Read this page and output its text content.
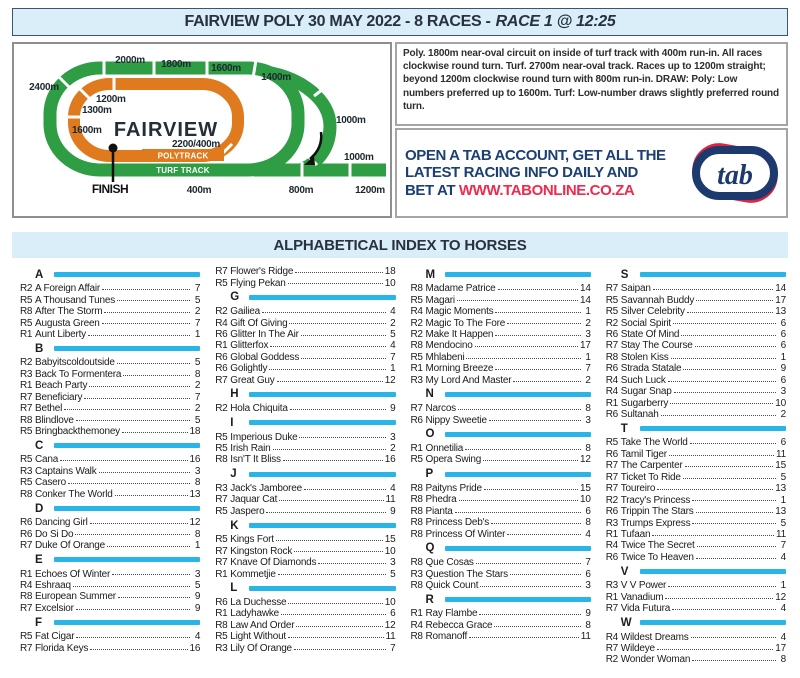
FAIRVIEW POLY 30 MAY 2022 - 8 RACES - RACE 1 @ 12:25
POLYTRACK
TURF TRACK
FINISH
FAIRVIEW
2200/400m
2400m
2000m 1800m 1600m
1400m
1000m
1000m
400m	800m	1200m
1200m
1300m
1600m
Poly. 1800m near-oval circuit on inside of turf track with 400m run-in. All races clockwise round turn. Turf. 2700m near-oval track. Races up to 1200m straight; beyond 1200m clockwise round turn with 800m run-in. DRAW: Poly: Low numbers preferred up to 1600m. Turf: Low-number draws slightly preferred round turn.
OPEN A TAB ACCOUNT, GET ALL THE
LATEST RACING INFO DAILY AND
BET AT WWW.TABONLINE.CO.ZA	tab
ALPHABETICAL INDEX TO HORSES
A
R2 A Foreign Affair	7
R5 A Thousand Tunes	5
R8 After The Storm	2
R5 Augusta Green	7
R1 Aunt Liberty	1
B
R2 Babyitscoldoutside	5
R3 Back To Formentera	8
R1 Beach Party	2
R7 Beneficiary	7
R7 Bethel	2
R8 Blindlove	5
R5 Bringbackthemoney	18
C
R5 Cana	16
R3 Captains Walk	3
R5 Casero	8
R8 Conker The World	13
D
R6 Dancing Girl	12
R6 Do Si Do	8
R7 Duke Of Orange	1
E
R1 Echoes Of Winter	3
R4 Eshraaq	5
R8 European Summer	9
R7 Excelsior	9
F
R5 Fat Cigar	4
R7 Florida Keys	16
R7 Flower's Ridge	18
R5 Flying Pekan	10
G
R2 Gailiea	4
R4 Gift Of Giving	2
R6 Glitter In The Air	5
R1 Glitterfox	4
R6 Global Goddess	7
R6 Golightly	1
R7 Great Guy	12
H
R2 Hola Chiquita	9
I
R5 Imperious Duke	3
R5 Irish Rain	2
R8 Isn'T It Bliss	16
J
R3 Jack's Jamboree	4
R7 Jaquar Cat	11
R5 Jaspero	9
K
R5 Kings Fort	15
R7 Kingston Rock	10
R7 Knave Of Diamonds	3
R1 Kommetjie	5
L
R6 La Duchesse	10
R1 Ladyhawke	6
R8 Law And Order	12
R5 Light Without	11
R3 Lily Of Orange	7
M
R8 Madame Patrice	14
R5 Magari	14
R4 Magic Moments	1
R2 Magic To The Fore	2
R2 Make It Happen	3
R8 Mendocino	17
R5 Mhlabeni	1
R1 Morning Breeze	7
R3 My Lord And Master	2
N
R7 Narcos	8
R6 Nippy Sweetie	3
O
R1 Onnetilia	8
R5 Opera Swing	12
P
R8 Paityns Pride	15
R8 Phedra	10
R8 Pianta	6
R8 Princess Deb's	8
R8 Princess Of Winter	4
Q
R8 Que Cosas	7
R3 Question The Stars	6
R8 Quick Count	3
R
R1 Ray Flambe	9
R4 Rebecca Grace	8
R8 Romanoff	11
S
R7 Saipan	14
R5 Savannah Buddy	17
R5 Silver Celebrity	13
R2 Social Spirit	6
R6 State Of Mind	6
R7 Stay The Course	6
R8 Stolen Kiss	1
R6 Strada Statale	9
R4 Such Luck	6
R4 Sugar Snap	3
R1 Sugarberry	10
R6 Sultanah	2
T
R5 Take The World	6
R6 Tamil Tiger	11
R7 The Carpenter	15
R7 Ticket To Ride	5
R7 Toureiro	13
R2 Tracy's Princess	1
R6 Trippin The Stars	13
R3 Trumps Express	5
R1 Tufaan	11
R4 Twice The Secret	7
R6 Twice To Heaven	4
V
R3 V V Power	1
R1 Vanadium	12
R7 Vida Futura	4
W
R4 Wildest Dreams	4
R7 Wildeye	17
R2 Wonder Woman	8
